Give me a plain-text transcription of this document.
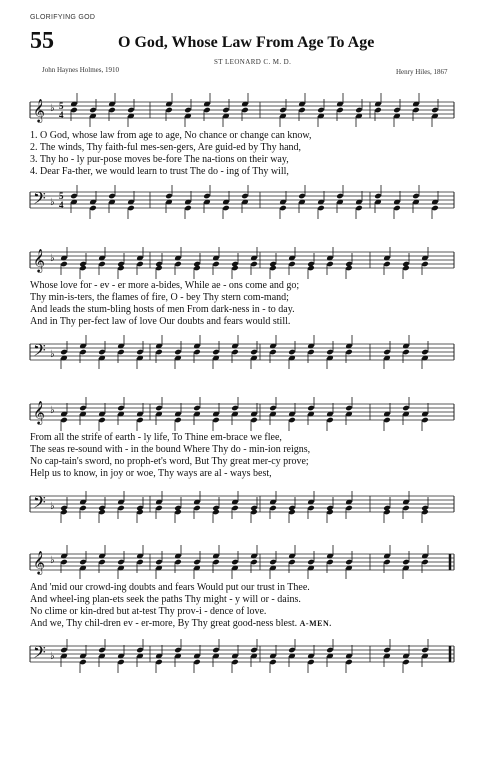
GLORIFYING GOD
55	O God, Whose Law From Age To Age
ST LEONARD C. M. D.
John Haynes Holmes, 1910	Henry Hiles, 1867
𝄞 ♭ 5
4
1. O God, whose law from age to age, No chance or change can know,
2. The winds, Thy faith-ful mes-sen-gers, Are guid-ed by Thy hand,
3. Thy ho - ly pur-pose moves be-fore The na-tions on their way,
4. Dear Fa-ther, we would learn to trust The do - ing of Thy will,
𝄢 ♭
5
4
𝄞 ♭
Whose love for - ev - er more a-bides, While ae - ons come and go;
Thy min-is-ters, the flames of fire, O - bey Thy stern com-mand;
And leads the stum-bling hosts of men From dark-ness in - to day.
And in Thy per-fect law of love Our doubts and fears would still.
𝄢 ♭
𝄞 ♭
From all the strife of earth - ly life, To Thine em-brace we flee,
The seas re-sound with - in the bound Where Thy do - min-ion reigns,
No cap-tain's sword, no proph-et's word, But Thy great mer-cy prove;
Help us to know, in joy or woe, Thy ways are al - ways best,
𝄢 ♭
𝄞 ♭
And 'mid our crowd-ing doubts and fears Would put our trust in Thee.
And wheel-ing plan-ets seek the paths Thy might - y will or - dains.
No clime or kin-dred but at-test Thy prov-i - dence of love.
And we, Thy chil-dren ev - er-more, By Thy great good-ness blest. A-MEN.
𝄢 ♭
